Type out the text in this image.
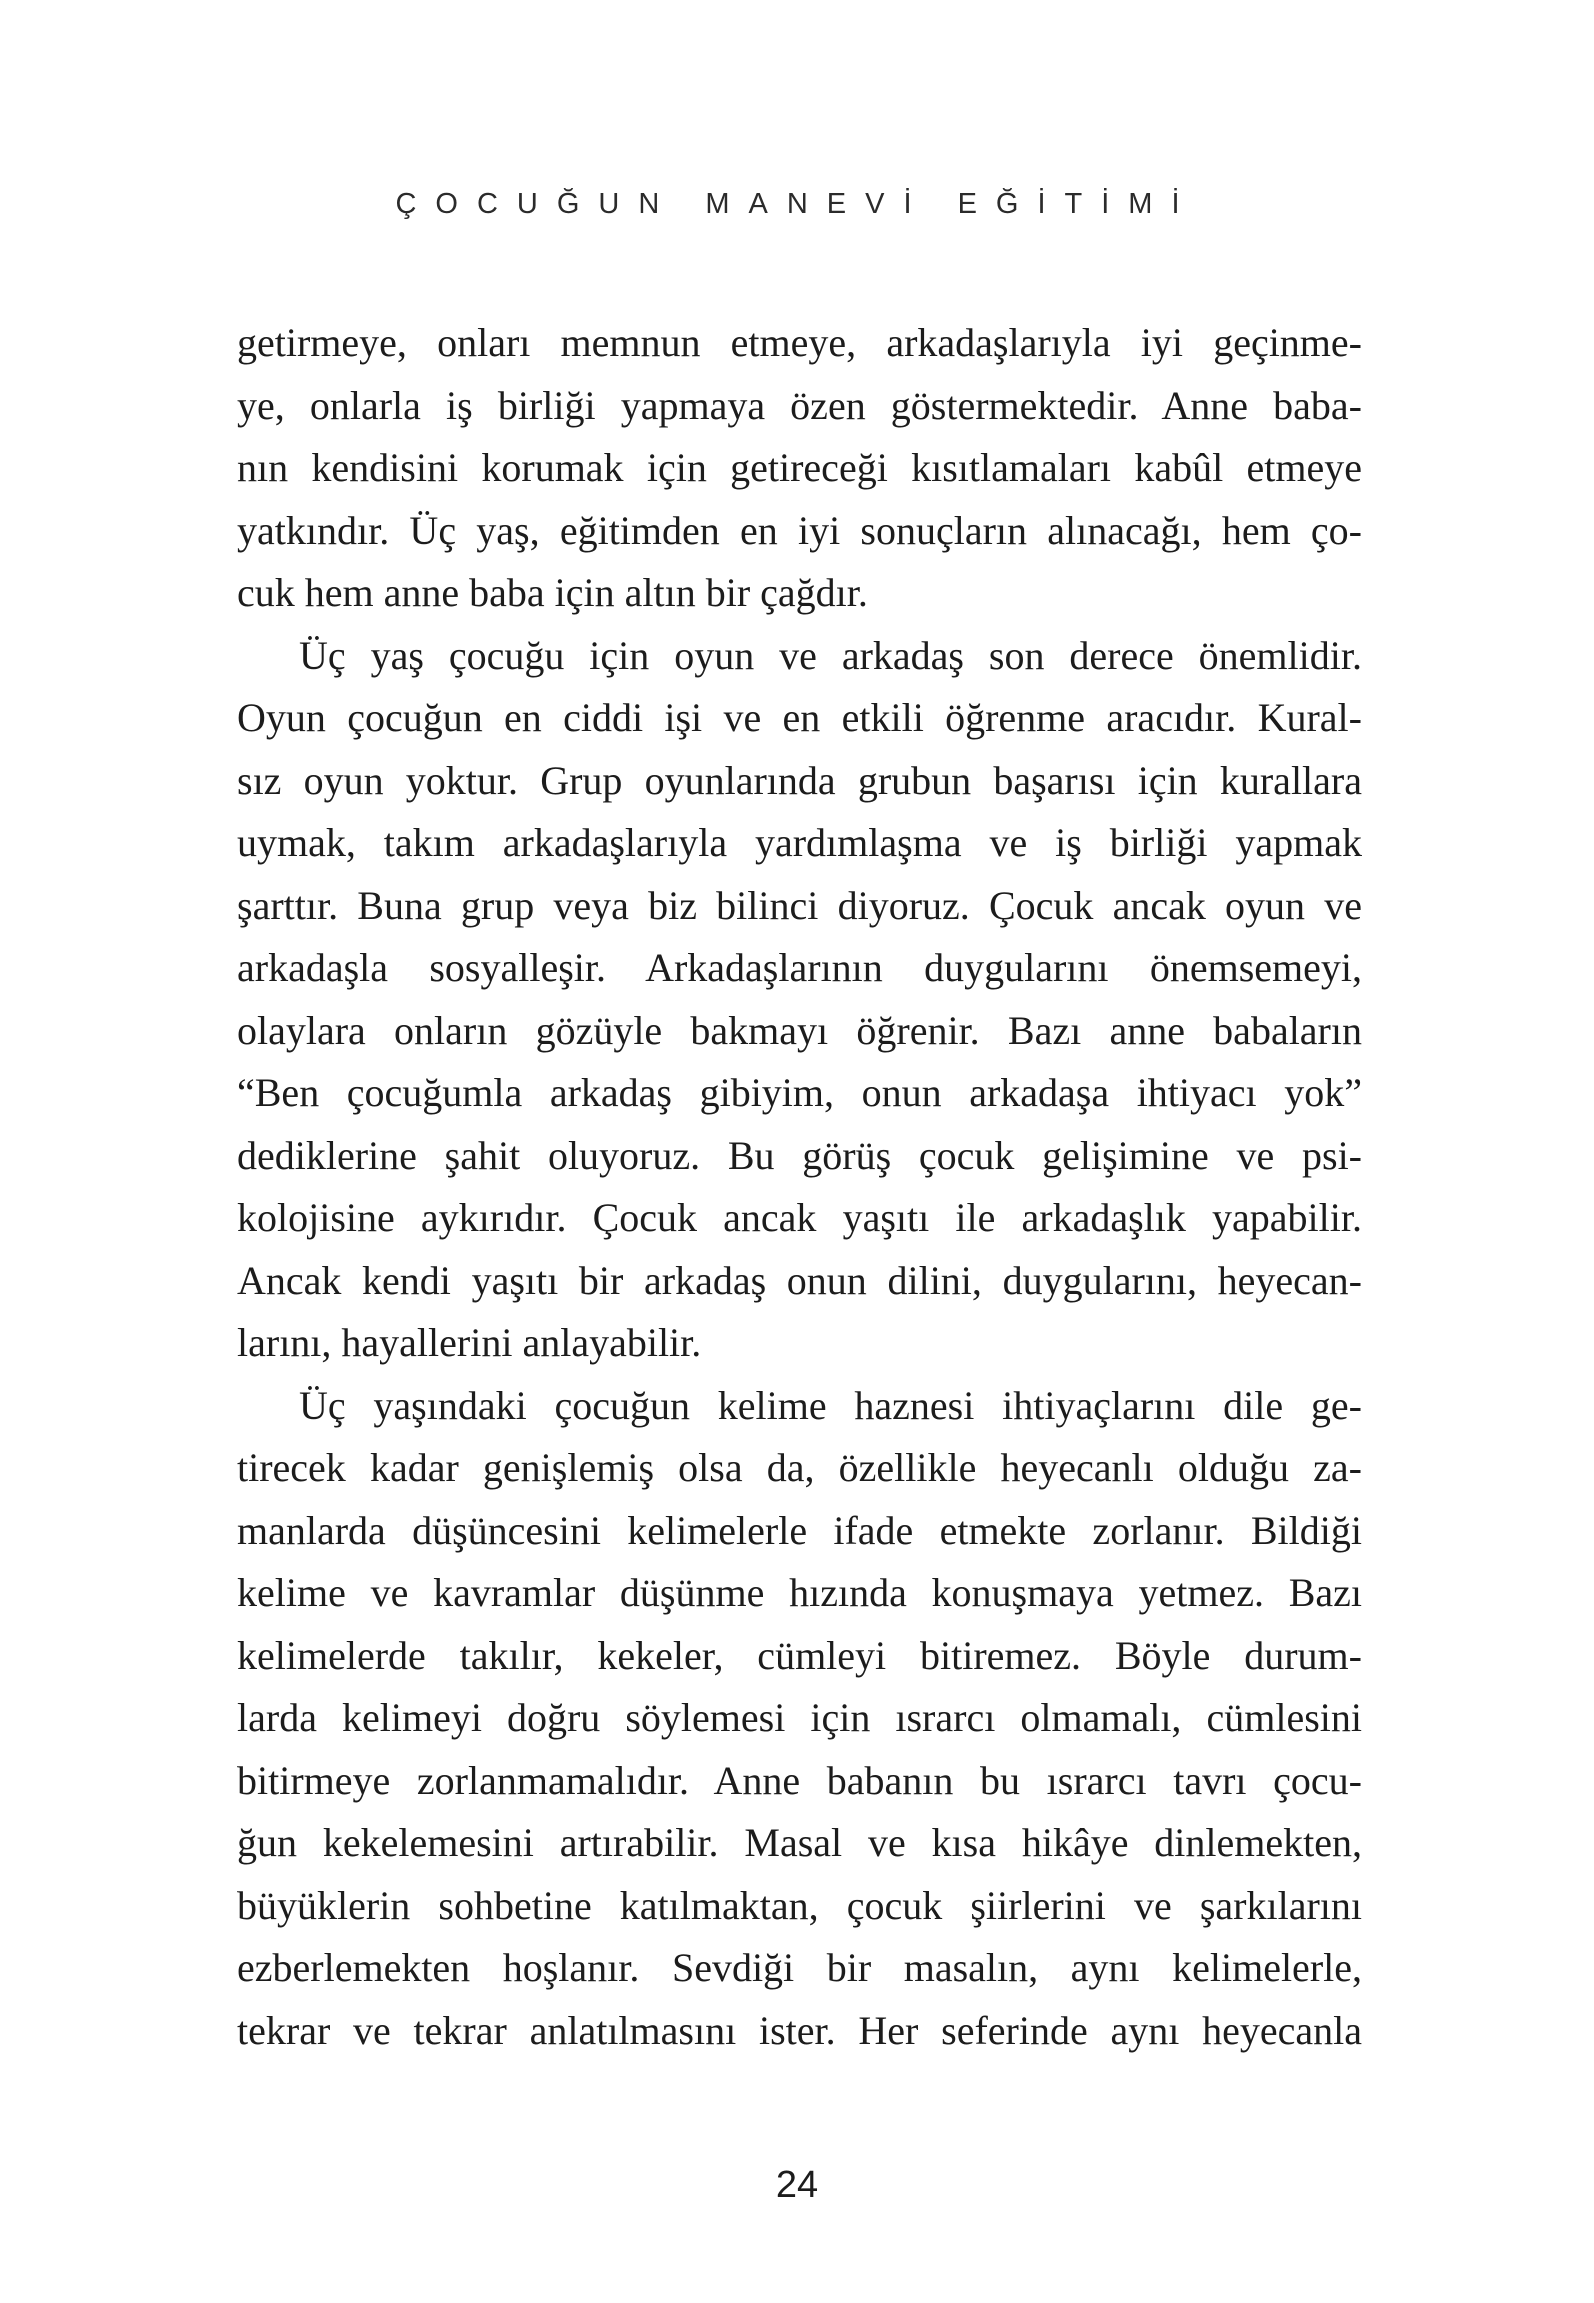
ÇOCUĞUN MANEVİ EĞİTİMİ
getirmeye, onları memnun etmeye, arkadaşlarıyla iyi geçinme-
ye, onlarla iş birliği yapmaya özen göstermektedir. Anne baba-
nın kendisini korumak için getireceği kısıtlamaları kabûl etmeye
yatkındır. Üç yaş, eğitimden en iyi sonuçların alınacağı, hem ço-
cuk hem anne baba için altın bir çağdır.
Üç yaş çocuğu için oyun ve arkadaş son derece önemlidir.
Oyun çocuğun en ciddi işi ve en etkili öğrenme aracıdır. Kural-
sız oyun yoktur. Grup oyunlarında grubun başarısı için kurallara
uymak, takım arkadaşlarıyla yardımlaşma ve iş birliği yapmak
şarttır. Buna grup veya biz bilinci diyoruz. Çocuk ancak oyun ve
arkadaşla sosyalleşir. Arkadaşlarının duygularını önemsemeyi,
olaylara onların gözüyle bakmayı öğrenir. Bazı anne babaların
“Ben çocuğumla arkadaş gibiyim, onun arkadaşa ihtiyacı yok”
dediklerine şahit oluyoruz. Bu görüş çocuk gelişimine ve psi-
kolojisine aykırıdır. Çocuk ancak yaşıtı ile arkadaşlık yapabilir.
Ancak kendi yaşıtı bir arkadaş onun dilini, duygularını, heyecan-
larını, hayallerini anlayabilir.
Üç yaşındaki çocuğun kelime haznesi ihtiyaçlarını dile ge-
tirecek kadar genişlemiş olsa da, özellikle heyecanlı olduğu za-
manlarda düşüncesini kelimelerle ifade etmekte zorlanır. Bildiği
kelime ve kavramlar düşünme hızında konuşmaya yetmez. Bazı
kelimelerde takılır, kekeler, cümleyi bitiremez. Böyle durum-
larda kelimeyi doğru söylemesi için ısrarcı olmamalı, cümlesini
bitirmeye zorlanmamalıdır. Anne babanın bu ısrarcı tavrı çocu-
ğun kekelemesini artırabilir. Masal ve kısa hikâye dinlemekten,
büyüklerin sohbetine katılmaktan, çocuk şiirlerini ve şarkılarını
ezberlemekten hoşlanır. Sevdiği bir masalın, aynı kelimelerle,
tekrar ve tekrar anlatılmasını ister. Her seferinde aynı heyecanla
24
